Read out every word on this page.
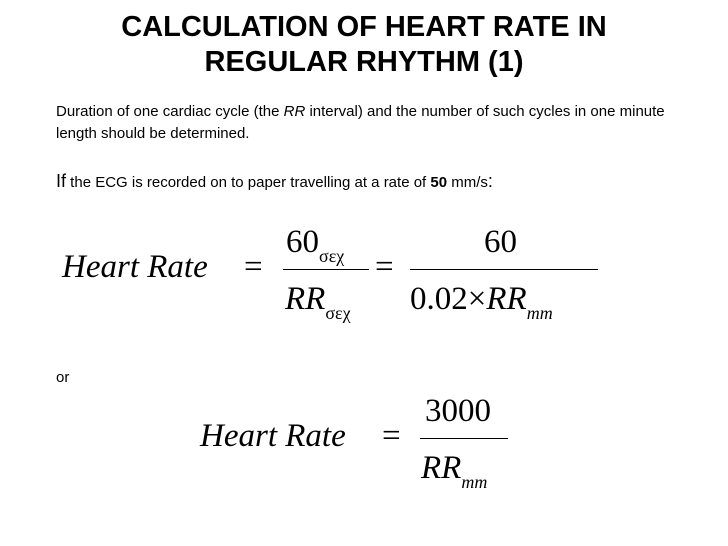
CALCULATION OF HEART RATE IN
REGULAR RHYTHM (1)
Duration of one cardiac cycle (the RR interval) and the number of such cycles in one minute length should be determined.
If the ECG is recorded on to paper travelling at a rate of 50 mm/s:
Heart Rate =
$60_{\sigma\varepsilon\chi}$
$RR_{\sigma\varepsilon\chi}$
=
60
$0.02\times RR_{mm}$
or
Heart Rate =
3000
$RR_{mm}$
